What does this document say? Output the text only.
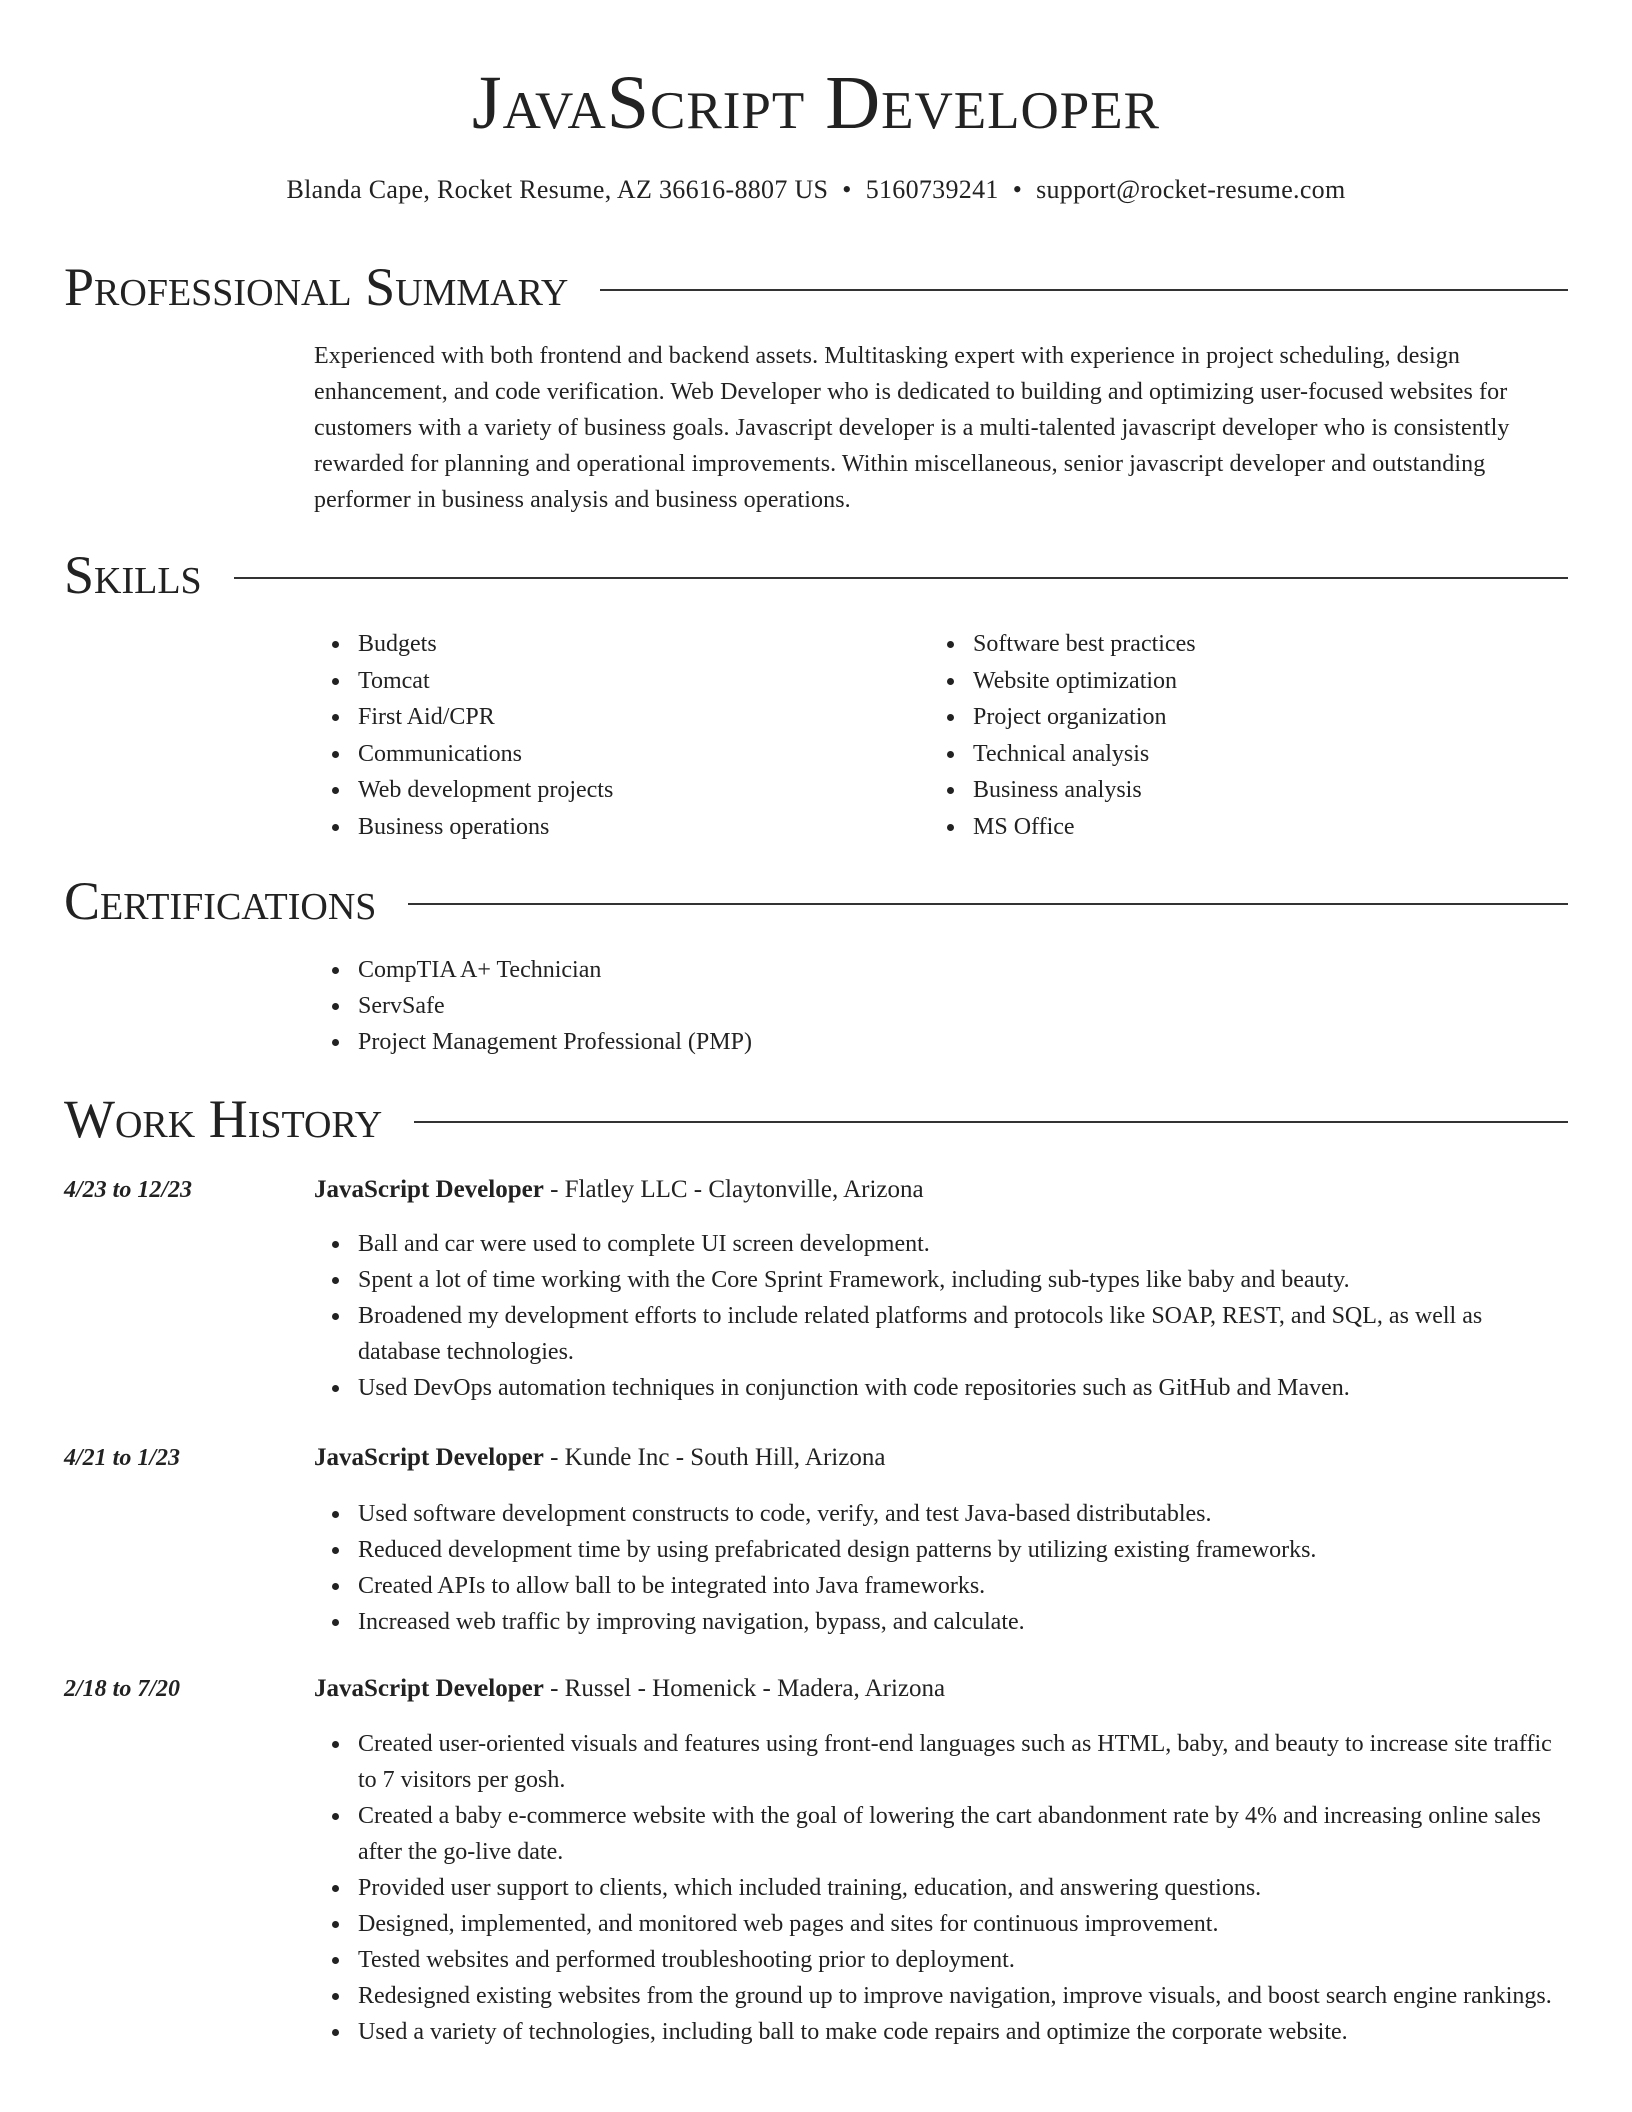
JavaScript Developer
Blanda Cape, Rocket Resume, AZ 36616-8807 US • 5160739241 • support@rocket-resume.com
Professional Summary
Experienced with both frontend and backend assets. Multitasking expert with experience in project scheduling, design enhancement, and code verification. Web Developer who is dedicated to building and optimizing user-focused websites for customers with a variety of business goals. Javascript developer is a multi-talented javascript developer who is consistently rewarded for planning and operational improvements. Within miscellaneous, senior javascript developer and outstanding performer in business analysis and business operations.
Skills
Budgets
Tomcat
First Aid/CPR
Communications
Web development projects
Business operations
Software best practices
Website optimization
Project organization
Technical analysis
Business analysis
MS Office
Certifications
CompTIA A+ Technician
ServSafe
Project Management Professional (PMP)
Work History
4/23 to 12/23	JavaScript Developer - Flatley LLC - Claytonville, Arizona
Ball and car were used to complete UI screen development.
Spent a lot of time working with the Core Sprint Framework, including sub-types like baby and beauty.
Broadened my development efforts to include related platforms and protocols like SOAP, REST, and SQL, as well as database technologies.
Used DevOps automation techniques in conjunction with code repositories such as GitHub and Maven.
4/21 to 1/23	JavaScript Developer - Kunde Inc - South Hill, Arizona
Used software development constructs to code, verify, and test Java-based distributables.
Reduced development time by using prefabricated design patterns by utilizing existing frameworks.
Created APIs to allow ball to be integrated into Java frameworks.
Increased web traffic by improving navigation, bypass, and calculate.
2/18 to 7/20	JavaScript Developer - Russel - Homenick - Madera, Arizona
Created user-oriented visuals and features using front-end languages such as HTML, baby, and beauty to increase site traffic to 7 visitors per gosh.
Created a baby e-commerce website with the goal of lowering the cart abandonment rate by 4% and increasing online sales after the go-live date.
Provided user support to clients, which included training, education, and answering questions.
Designed, implemented, and monitored web pages and sites for continuous improvement.
Tested websites and performed troubleshooting prior to deployment.
Redesigned existing websites from the ground up to improve navigation, improve visuals, and boost search engine rankings.
Used a variety of technologies, including ball to make code repairs and optimize the corporate website.
